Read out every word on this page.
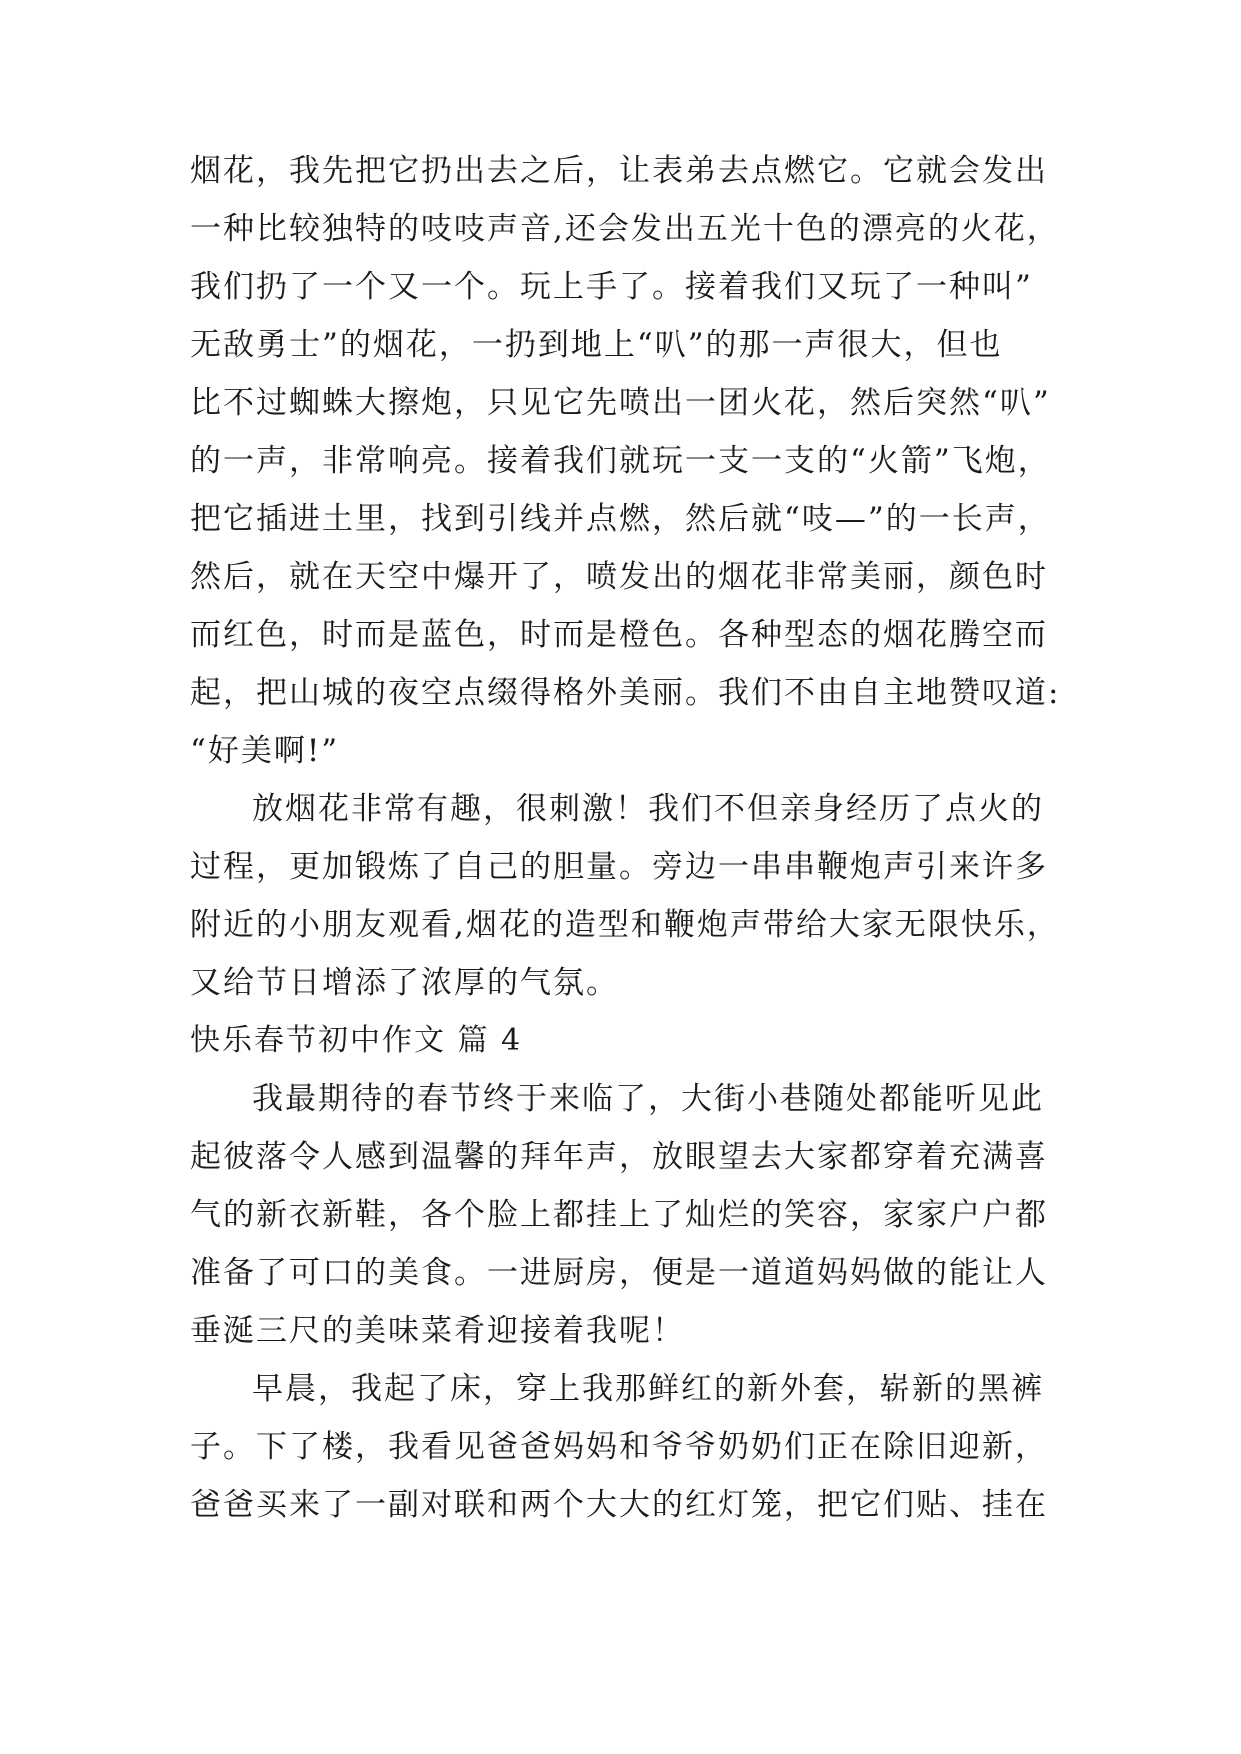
烟花，我先把它扔出去之后，让表弟去点燃它。它就会发出
一种比较独特的吱吱声音,还会发出五光十色的漂亮的火花，
我们扔了一个又一个。玩上手了。接着我们又玩了一种叫”
无敌勇士”的烟花，一扔到地上“叭”的那一声很大，但也
比不过蜘蛛大擦炮，只见它先喷出一团火花，然后突然“叭”
的一声，非常响亮。接着我们就玩一支一支的“火箭”飞炮，
把它插进土里，找到引线并点燃，然后就“吱—”的一长声，
然后，就在天空中爆开了，喷发出的烟花非常美丽，颜色时
而红色，时而是蓝色，时而是橙色。各种型态的烟花腾空而
起，把山城的夜空点缀得格外美丽。我们不由自主地赞叹道:
“好美啊!”
放烟花非常有趣，很刺激！我们不但亲身经历了点火的
过程，更加锻炼了自己的胆量。旁边一串串鞭炮声引来许多
附近的小朋友观看,烟花的造型和鞭炮声带给大家无限快乐，
又给节日增添了浓厚的气氛。
快乐春节初中作文 篇 4
我最期待的春节终于来临了，大街小巷随处都能听见此
起彼落令人感到温馨的拜年声，放眼望去大家都穿着充满喜
气的新衣新鞋，各个脸上都挂上了灿烂的笑容，家家户户都
准备了可口的美食。一进厨房，便是一道道妈妈做的能让人
垂涎三尺的美味菜肴迎接着我呢！
早晨，我起了床，穿上我那鲜红的新外套，崭新的黑裤
子。下了楼，我看见爸爸妈妈和爷爷奶奶们正在除旧迎新，
爸爸买来了一副对联和两个大大的红灯笼，把它们贴、挂在
